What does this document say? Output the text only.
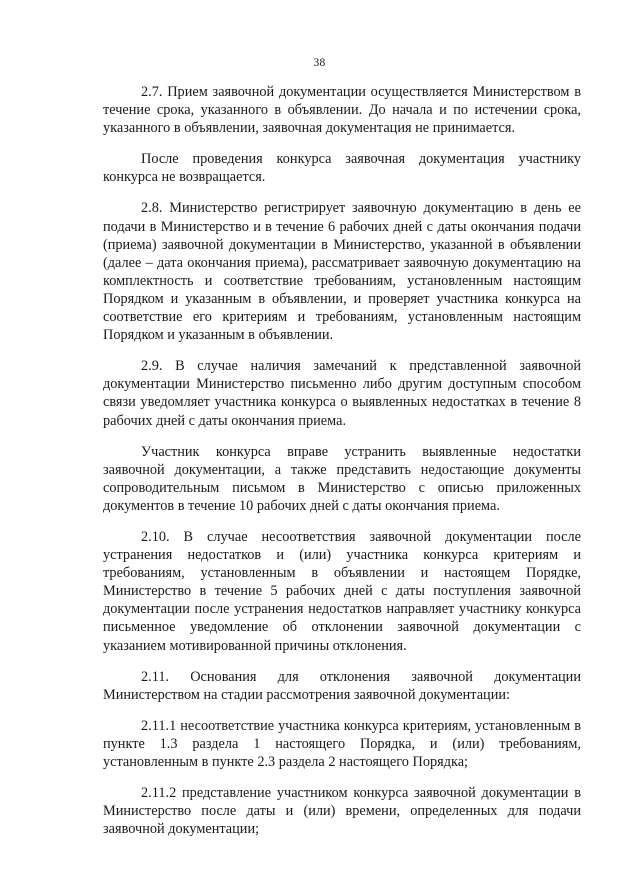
38

2.7. Прием заявочной документации осуществляется Министерством в течение срока, указанного в объявлении. До начала и по истечении срока, указанного в объявлении, заявочная документация не принимается.

После проведения конкурса заявочная документация участнику конкурса не возвращается.

2.8. Министерство регистрирует заявочную документацию в день ее подачи в Министерство и в течение 6 рабочих дней с даты окончания подачи (приема) заявочной документации в Министерство, указанной в объявлении (далее – дата окончания приема), рассматривает заявочную документацию на комплектность и соответствие требованиям, установленным настоящим Порядком и указанным в объявлении, и проверяет участника конкурса на соответствие его критериям и требованиям, установленным настоящим Порядком и указанным в объявлении.

2.9. В случае наличия замечаний к представленной заявочной документации Министерство письменно либо другим доступным способом связи уведомляет участника конкурса о выявленных недостатках в течение 8 рабочих дней с даты окончания приема.

Участник конкурса вправе устранить выявленные недостатки заявочной документации, а также представить недостающие документы сопроводительным письмом в Министерство с описью приложенных документов в течение 10 рабочих дней с даты окончания приема.

2.10. В случае несоответствия заявочной документации после устранения недостатков и (или) участника конкурса критериям и требованиям, установленным в объявлении и настоящем Порядке, Министерство в течение 5 рабочих дней с даты поступления заявочной документации после устранения недостатков направляет участнику конкурса письменное уведомление об отклонении заявочной документации с указанием мотивированной причины отклонения.

2.11. Основания для отклонения заявочной документации Министерством на стадии рассмотрения заявочной документации:

2.11.1 несоответствие участника конкурса критериям, установленным в пункте 1.3 раздела 1 настоящего Порядка, и (или) требованиям, установленным в пункте 2.3 раздела 2 настоящего Порядка;

2.11.2 представление участником конкурса заявочной документации в Министерство после даты и (или) времени, определенных для подачи заявочной документации;
